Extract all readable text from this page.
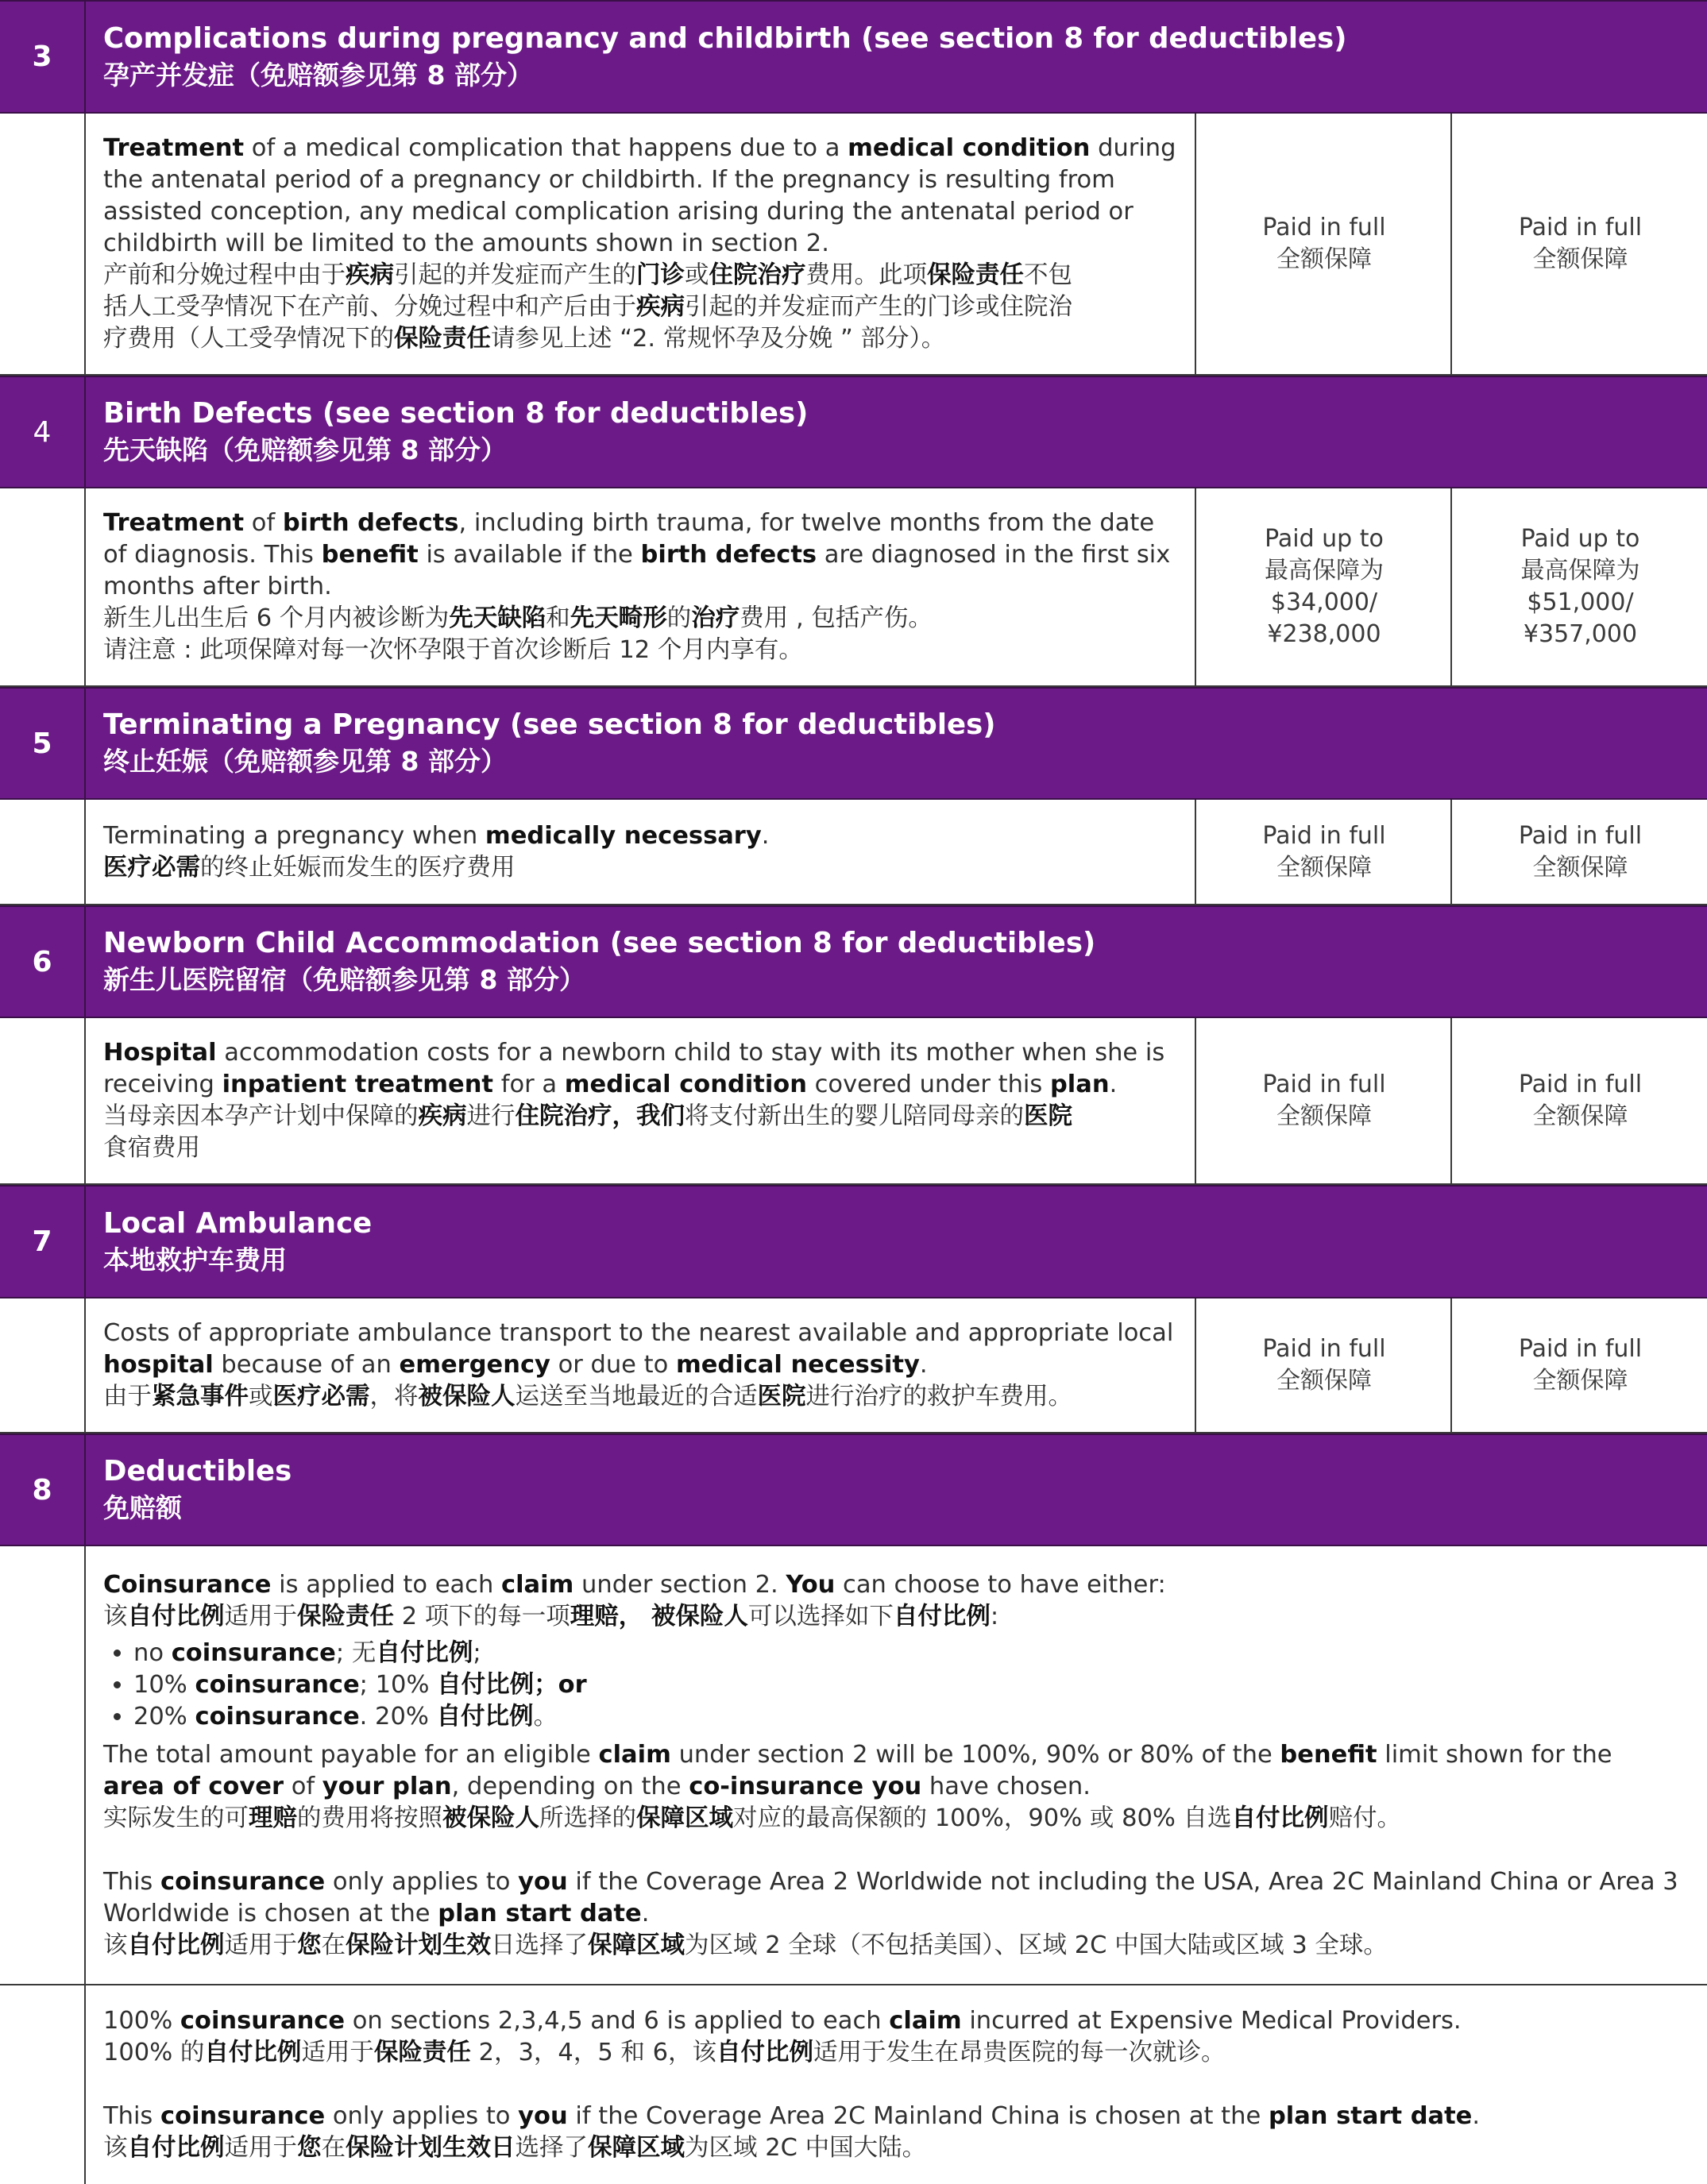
3
Complications during pregnancy and childbirth (see section 8 for deductibles)
孕产并发症（免赔额参见第 8 部分）

Treatment of a medical complication that happens due to a medical condition during

the antenatal period of a pregnancy or childbirth. If the pregnancy is resulting from

assisted conception, any medical complication arising during the antenatal period or

childbirth will be limited to the amounts shown in section 2.

产前和分娩过程中由于疾病引起的并发症而产生的门诊或住院治疗费用。此项保险责任不包

括人工受孕情况下在产前、分娩过程中和产后由于疾病引起的并发症而产生的门诊或住院治

疗费用（人工受孕情况下的保险责任请参见上述 “2. 常规怀孕及分娩 ” 部分）。

Paid in full
全额保障
Paid in full
全额保障
4
Birth Defects (see section 8 for deductibles)
先天缺陷（免赔额参见第 8 部分）

Treatment of birth defects, including birth trauma, for twelve months from the date

of diagnosis. This benefit is available if the birth defects are diagnosed in the first six

months after birth.

新生儿出生后 6 个月内被诊断为先天缺陷和先天畸形的治疗费用 , 包括产伤。

请注意 : 此项保障对每一次怀孕限于首次诊断后 12 个月内享有。

Paid up to
最高保障为
$34,000/
¥238,000
Paid up to
最高保障为
$51,000/
¥357,000
5
Terminating a Pregnancy (see section 8 for deductibles)
终止妊娠（免赔额参见第 8 部分）

Terminating a pregnancy when medically necessary.

医疗必需的终止妊娠而发生的医疗费用

Paid in full
全额保障
Paid in full
全额保障
6
Newborn Child Accommodation (see section 8 for deductibles)
新生儿医院留宿（免赔额参见第 8 部分）

Hospital accommodation costs for a newborn child to stay with its mother when she is

receiving inpatient treatment for a medical condition covered under this plan.

当母亲因本孕产计划中保障的疾病进行住院治疗，我们将支付新出生的婴儿陪同母亲的医院

食宿费用

Paid in full
全额保障
Paid in full
全额保障
7
Local Ambulance
本地救护车费用

Costs of appropriate ambulance transport to the nearest available and appropriate local

hospital because of an emergency or due to medical necessity.

由于紧急事件或医疗必需，将被保险人运送至当地最近的合适医院进行治疗的救护车费用。

Paid in full
全额保障
Paid in full
全额保障
8
Deductibles
免赔额

Coinsurance is applied to each claim under section 2. You can choose to have either:

该自付比例适用于保险责任 2 项下的每一项理赔， 被保险人可以选择如下自付比例:

• no coinsurance; 无自付比例;
• 10% coinsurance; 10% 自付比例；or
• 20% coinsurance. 20% 自付比例。

The total amount payable for an eligible claim under section 2 will be 100%, 90% or 80% of the benefit limit shown for the

area of cover of your plan, depending on the co-insurance you have chosen.

实际发生的可理赔的费用将按照被保险人所选择的保障区域对应的最高保额的 100%，90% 或 80% 自选自付比例赔付。

This coinsurance only applies to you if the Coverage Area 2 Worldwide not including the USA, Area 2C Mainland China or Area 3

Worldwide is chosen at the plan start date.

该自付比例适用于您在保险计划生效日选择了保障区域为区域 2 全球（不包括美国）、区域 2C 中国大陆或区域 3 全球。

100% coinsurance on sections 2,3,4,5 and 6 is applied to each claim incurred at Expensive Medical Providers.

100% 的自付比例适用于保险责任 2，3，4，5 和 6，该自付比例适用于发生在昂贵医院的每一次就诊。

This coinsurance only applies to you if the Coverage Area 2C Mainland China is chosen at the plan start date.

该自付比例适用于您在保险计划生效日选择了保障区域为区域 2C 中国大陆。
